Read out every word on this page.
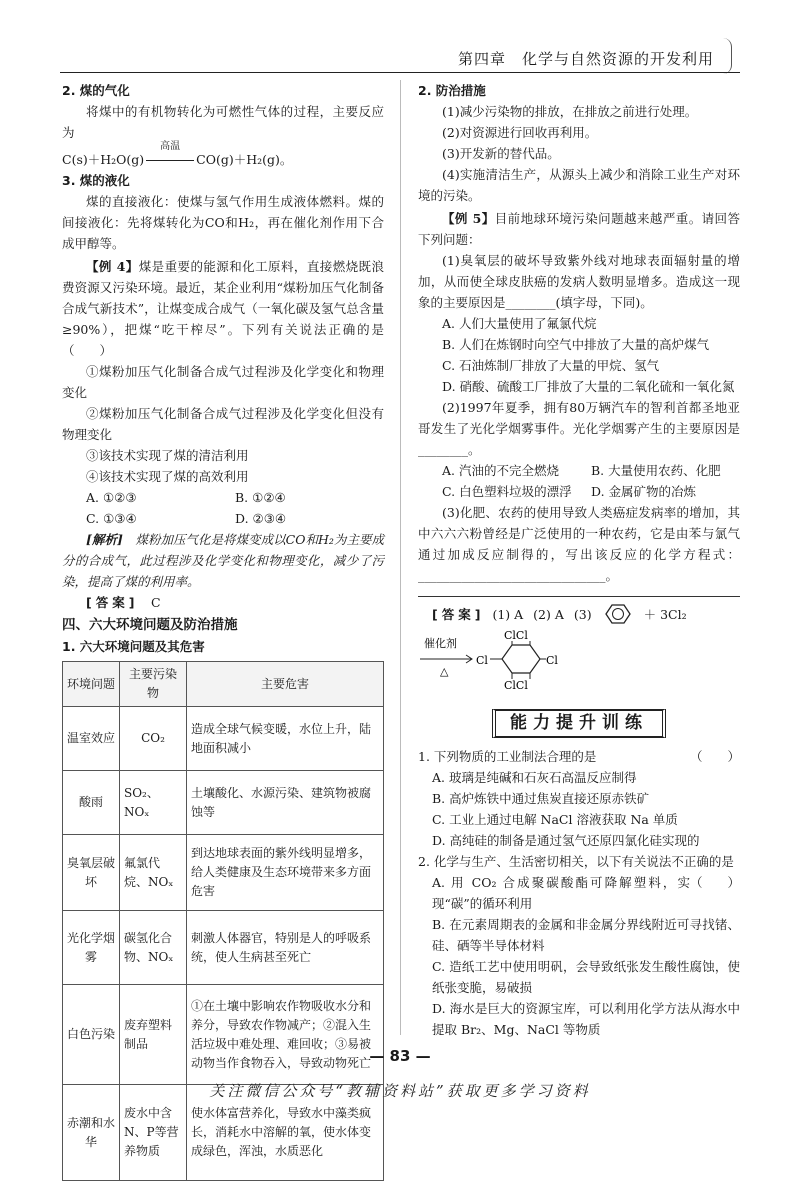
第四章　化学与自然资源的开发利用
2. 煤的气化

将煤中的有机物转化为可燃性气体的过程，主要反应为

C(s)＋H₂O(g)
高温
CO(g)＋H₂(g)。
3. 煤的液化

煤的直接液化：使煤与氢气作用生成液体燃料。煤的间接液化：先将煤转化为CO和H₂，再在催化剂作用下合成甲醇等。

【例 4】煤是重要的能源和化工原料，直接燃烧既浪费资源又污染环境。最近，某企业利用“煤粉加压气化制备合成气新技术”，让煤变成合成气（一氧化碳及氢气总含量≥90%），把煤“吃干榨尽”。下列有关说法正确的是　　（　　）

①煤粉加压气化制备合成气过程涉及化学变化和物理变化

②煤粉加压气化制备合成气过程涉及化学变化但没有物理变化

③该技术实现了煤的清洁利用

④该技术实现了煤的高效利用

A. ①②③	B. ①②④
C. ①③④	D. ②③④

[解析]　 煤粉加压气化是将煤变成以CO和H₂为主要成分的合成气，此过程涉及化学变化和物理变化，减少了污染，提高了煤的利用率。

[答案]　 C
四、六大环境问题及防治措施
1. 六大环境问题及其危害
环境问题	主要污染物	主要危害
温室效应	CO₂	造成全球气候变暖，水位上升，陆地面积减小
酸雨	SO₂、NOₓ	土壤酸化、水源污染、建筑物被腐蚀等
臭氧层破坏	氟氯代烷、NOₓ	到达地球表面的紫外线明显增多，给人类健康及生态环境带来多方面危害
光化学烟雾	碳氢化合物、NOₓ	刺激人体器官，特别是人的呼吸系统，使人生病甚至死亡
白色污染	废弃塑料制品	①在土壤中影响农作物吸收水分和养分，导致农作物减产；②混入生活垃圾中难处理、难回收；③易被动物当作食物吞入，导致动物死亡
赤潮和水华	废水中含N、P等营养物质	使水体富营养化，导致水中藻类疯长，消耗水中溶解的氧，使水体变成绿色，浑浊，水质恶化
2. 防治措施

(1)减少污染物的排放，在排放之前进行处理。

(2)对资源进行回收再利用。

(3)开发新的替代品。

(4)实施清洁生产，从源头上减少和消除工业生产对环境的污染。

【例 5】目前地球环境污染问题越来越严重。请回答下列问题：

(1)臭氧层的破坏导致紫外线对地球表面辐射量的增加，从而使全球皮肤癌的发病人数明显增多。造成这一现象的主要原因是________(填字母，下同)。

A. 人们大量使用了氟氯代烷

B. 人们在炼钢时向空气中排放了大量的高炉煤气

C. 石油炼制厂排放了大量的甲烷、氢气

D. 硝酸、硫酸工厂排放了大量的二氧化硫和一氧化氮

(2)1997年夏季，拥有80万辆汽车的智利首都圣地亚哥发生了光化学烟雾事件。光化学烟雾产生的主要原因是________。

A. 汽油的不完全燃烧	B. 大量使用农药、化肥
C. 白色塑料垃圾的漂浮	D. 金属矿物的冶炼

(3)化肥、农药的使用导致人类癌症发病率的增加，其中六六六粉曾经是广泛使用的一种农药，它是由苯与氯气通过加成反应制得的，写出该反应的化学方程式：______________________________。

[答案] (1) A (2) A (3)	＋ 3Cl₂
催化剂
△
ClCl
ClCl
Cl	Cl
能力提升训练
1. 下列物质的工业制法合理的是	（　　）

A. 玻璃是纯碱和石灰石高温反应制得

B. 高炉炼铁中通过焦炭直接还原赤铁矿

C. 工业上通过电解 NaCl 溶液获取 Na 单质

D. 高纯硅的制备是通过氢气还原四氯化硅实现的

2. 化学与生产、生活密切相关，以下有关说法不正确的是
（　　）

A. 用 CO₂ 合成聚碳酸酯可降解塑料，实现“碳”的循环利用

B. 在元素周期表的金属和非金属分界线附近可寻找锗、硅、硒等半导体材料

C. 造纸工艺中使用明矾，会导致纸张发生酸性腐蚀，使纸张变脆，易破损

D. 海水是巨大的资源宝库，可以利用化学方法从海水中提取 Br₂、Mg、NaCl 等物质

— 83 —
关注微信公众号“教辅资料站”获取更多学习资料
